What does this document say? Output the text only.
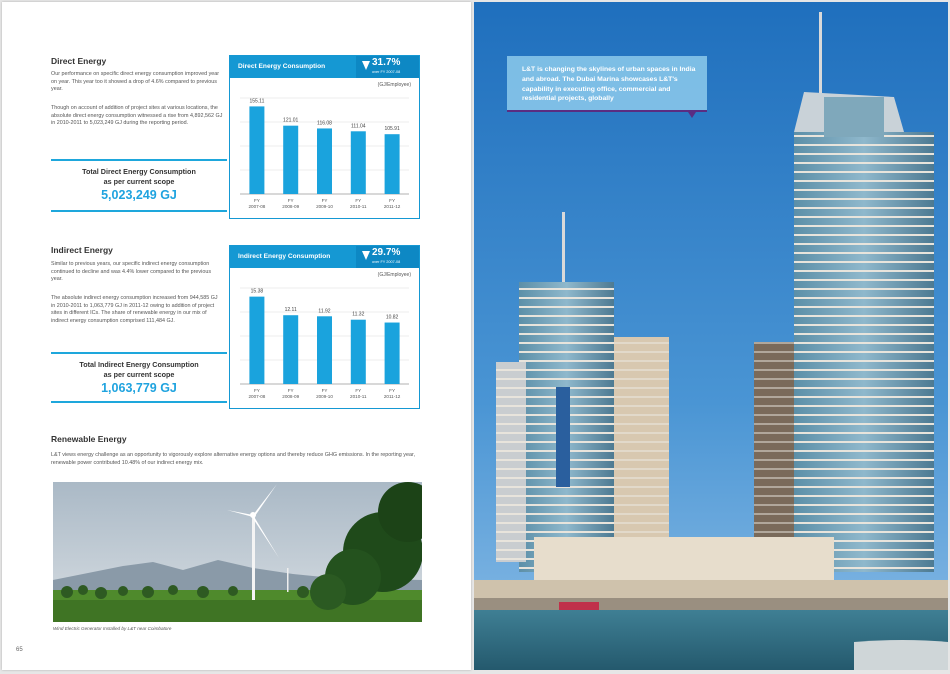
Direct Energy

Our performance on specific direct energy consumption improved year on year. This year too it showed a drop of 4.6% compared to previous year.

Though on account of addition of project sites at various locations, the absolute direct energy consumption witnessed a rise from 4,892,562 GJ in 2010-2011 to 5,023,249 GJ during the reporting period.

Total Direct Energy Consumption
as per current scope
5,023,249 GJ
Direct Energy Consumption	31.7%
over FY 2007-08
(GJ/Employee)
155.11
FY
2007-08
121.01
FY
2008-09
116.08
FY
2009-10
111.04
FY
2010-11
105.91
FY
2011-12
Indirect Energy

Similar to previous years, our specific indirect energy consumption continued to decline and was 4.4% lower compared to the previous year.

The absolute indirect energy consumption increased from 944,585 GJ in 2010-2011 to 1,063,779 GJ in 2011-12 owing to addition of project sites in different ICs. The share of renewable energy in our mix of indirect energy consumption comprised 111,484 GJ.

Total Indirect Energy Consumption
as per current scope
1,063,779 GJ
Indirect Energy Consumption	29.7%
over FY 2007-08
(GJ/Employee)
15.38
FY
2007-08
12.11
FY
2008-09
11.92
FY
2009-10
11.32
FY
2010-11
10.82
FY
2011-12
Renewable Energy

L&T views energy challenge as an opportunity to vigorously explore alternative energy options and thereby reduce GHG emissions. In the reporting year, renewable power contributed 10.48% of our indirect energy mix.

Wind Electric Generator Installed by L&T near Coimbatore
65

L&T is changing the skylines of urban spaces in India and abroad. The Dubai Marina showcases L&T's capability in executing office, commercial and residential projects, globally
